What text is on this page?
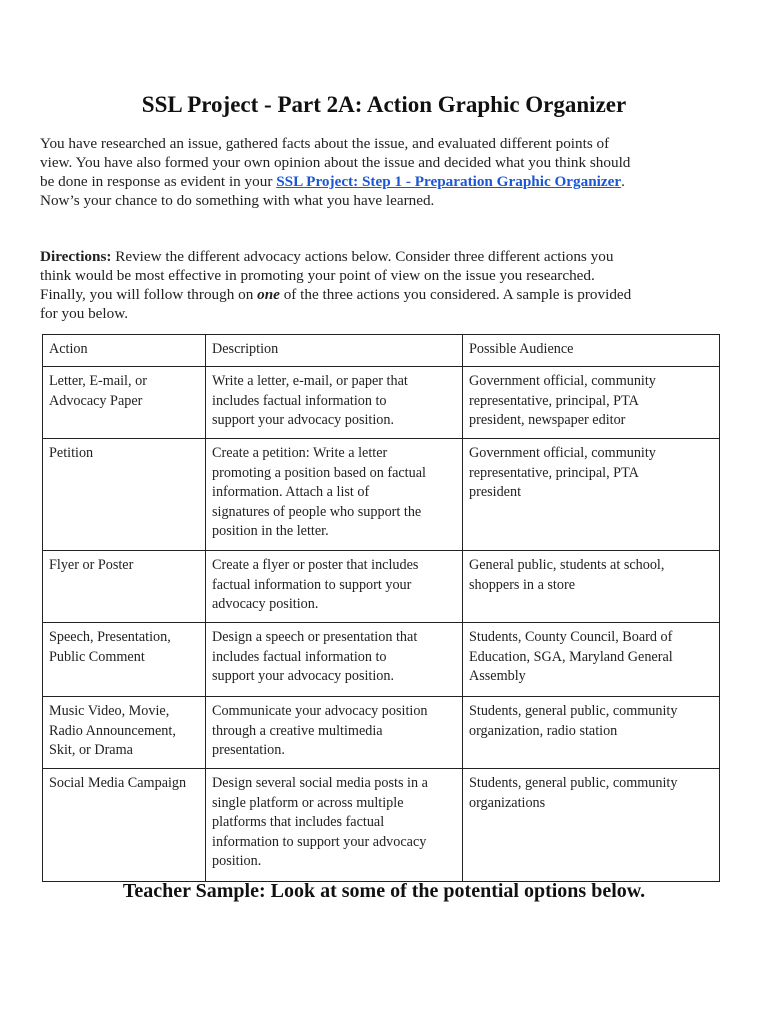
SSL Project - Part 2A: Action Graphic Organizer
You have researched an issue, gathered facts about the issue, and evaluated different points of
view. You have also formed your own opinion about the issue and decided what you think should
be done in response as evident in your SSL Project: Step 1 - Preparation Graphic Organizer.
Now’s your chance to do something with what you have learned.
Directions: Review the different advocacy actions below. Consider three different actions you
think would be most effective in promoting your point of view on the issue you researched.
Finally, you will follow through on one of the three actions you considered. A sample is provided
for you below.
Action	Description	Possible Audience
Letter, E-mail, or
Advocacy Paper	Write a letter, e-mail, or paper that
includes factual information to
support your advocacy position.	Government official, community
representative, principal, PTA
president, newspaper editor
Petition	Create a petition: Write a letter
promoting a position based on factual
information. Attach a list of
signatures of people who support the
position in the letter.	Government official, community
representative, principal, PTA
president
Flyer or Poster	Create a flyer or poster that includes
factual information to support your
advocacy position.	General public, students at school,
shoppers in a store
Speech, Presentation,
Public Comment	Design a speech or presentation that
includes factual information to
support your advocacy position.	Students, County Council, Board of
Education, SGA, Maryland General
Assembly
Music Video, Movie,
Radio Announcement,
Skit, or Drama	Communicate your advocacy position
through a creative multimedia
presentation.	Students, general public, community
organization, radio station
Social Media Campaign	Design several social media posts in a
single platform or across multiple
platforms that includes factual
information to support your advocacy
position.	Students, general public, community
organizations
Teacher Sample: Look at some of the potential options below.
